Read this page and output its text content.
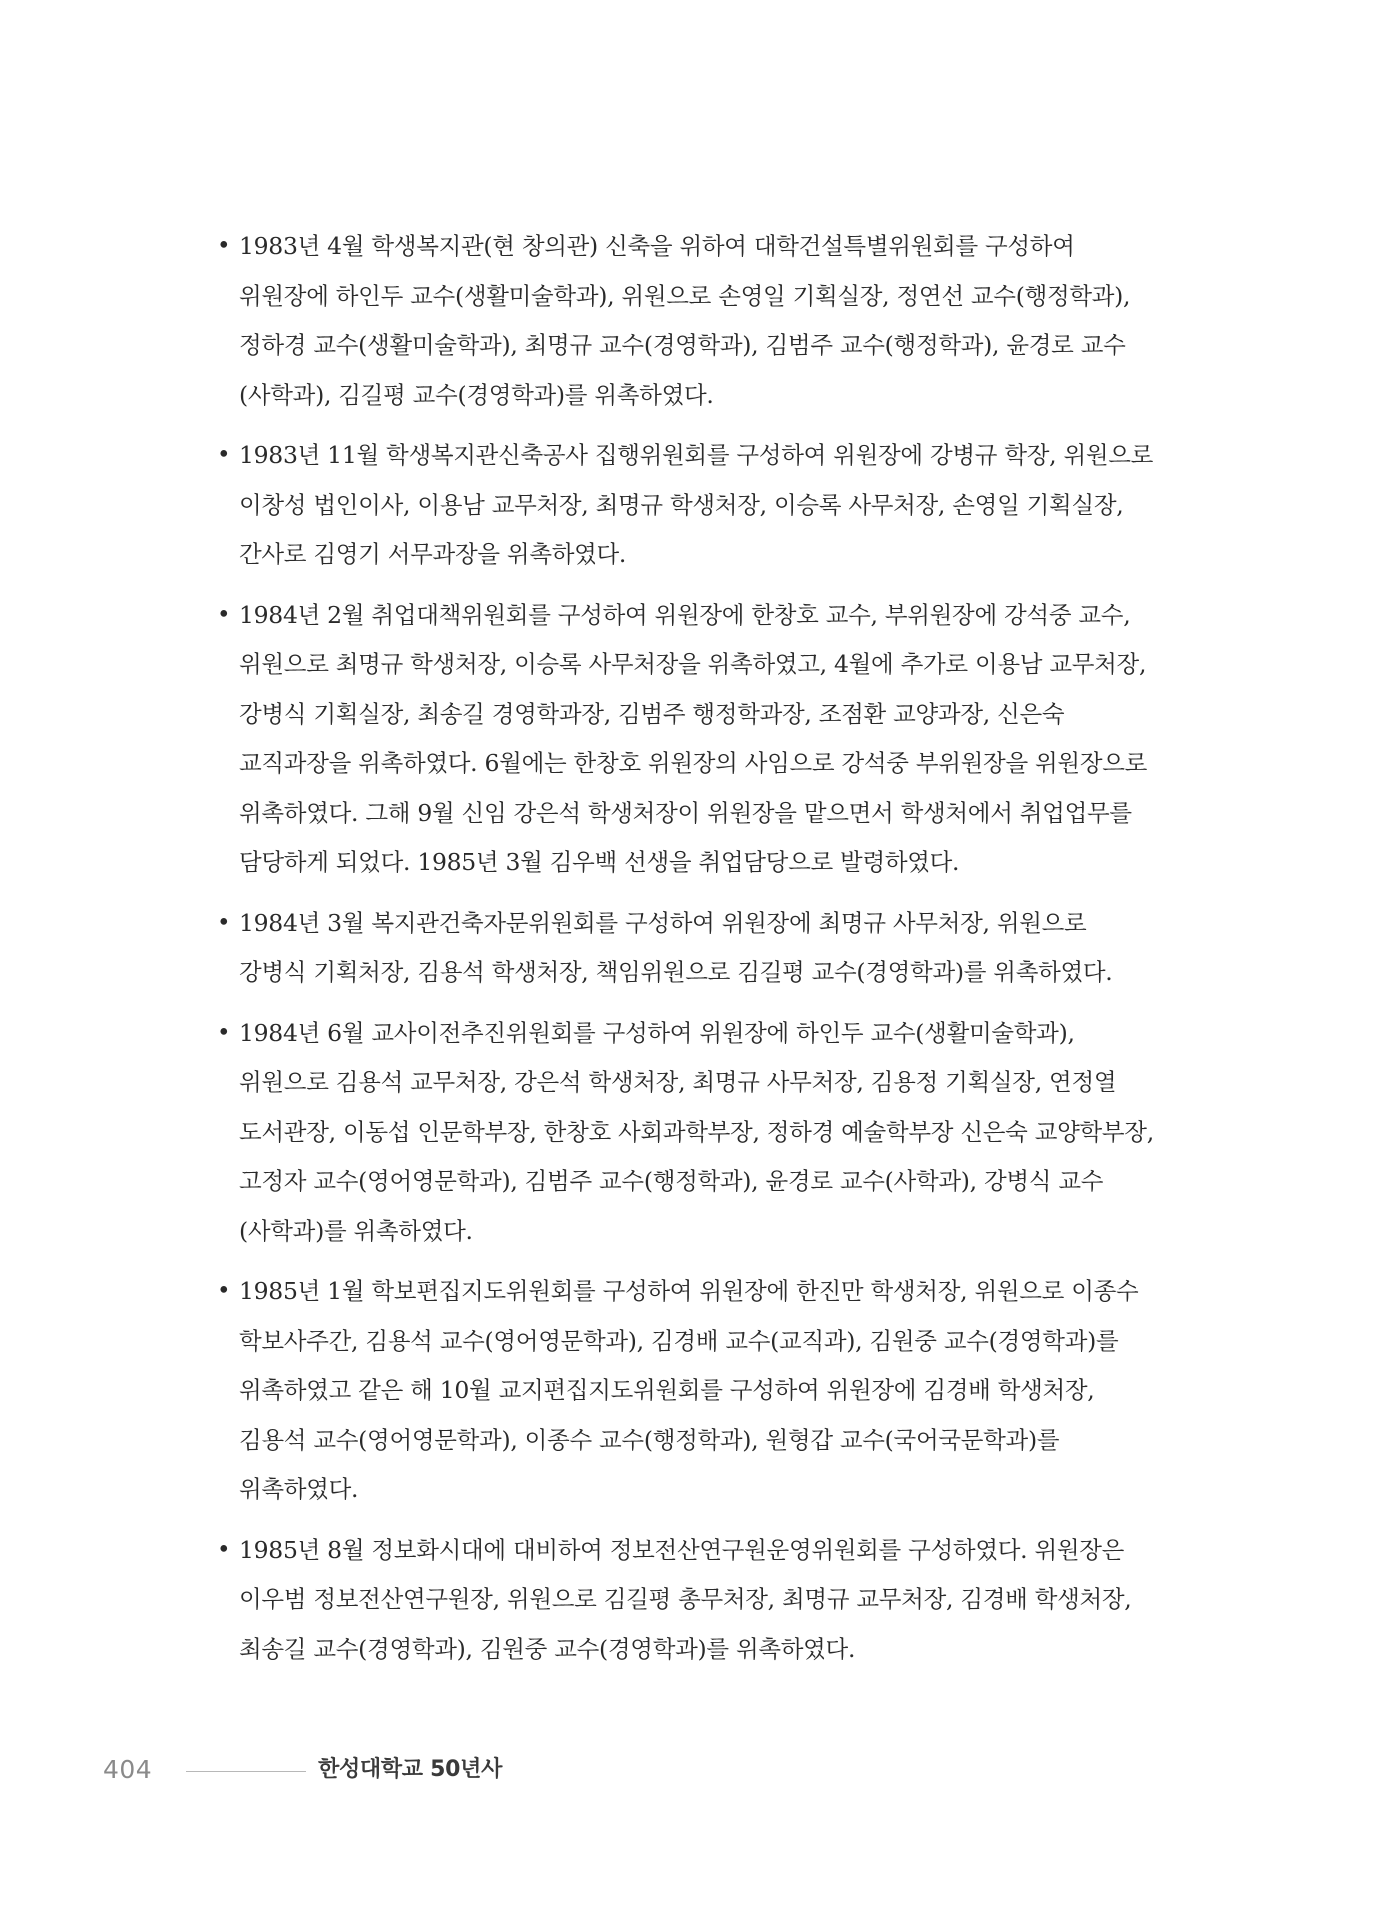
• 1983년 4월 학생복지관(현 창의관) 신축을 위하여 대학건설특별위원회를 구성하여 위원장에 하인두 교수(생활미술학과), 위원으로 손영일 기획실장, 정연선 교수(행정학과), 정하경 교수(생활미술학과), 최명규 교수(경영학과), 김범주 교수(행정학과), 윤경로 교수(사학과), 김길평 교수(경영학과)를 위촉하였다.
• 1983년 11월 학생복지관신축공사 집행위원회를 구성하여 위원장에 강병규 학장, 위원으로 이창성 법인이사, 이용남 교무처장, 최명규 학생처장, 이승록 사무처장, 손영일 기획실장, 간사로 김영기 서무과장을 위촉하였다.
• 1984년 2월 취업대책위원회를 구성하여 위원장에 한창호 교수, 부위원장에 강석중 교수, 위원으로 최명규 학생처장, 이승록 사무처장을 위촉하였고, 4월에 추가로 이용남 교무처장, 강병식 기획실장, 최송길 경영학과장, 김범주 행정학과장, 조점환 교양과장, 신은숙 교직과장을 위촉하였다. 6월에는 한창호 위원장의 사임으로 강석중 부위원장을 위원장으로 위촉하였다. 그해 9월 신임 강은석 학생처장이 위원장을 맡으면서 학생처에서 취업업무를 담당하게 되었다. 1985년 3월 김우백 선생을 취업담당으로 발령하였다.
• 1984년 3월 복지관건축자문위원회를 구성하여 위원장에 최명규 사무처장, 위원으로 강병식 기획처장, 김용석 학생처장, 책임위원으로 김길평 교수(경영학과)를 위촉하였다.
• 1984년 6월 교사이전추진위원회를 구성하여 위원장에 하인두 교수(생활미술학과), 위원으로 김용석 교무처장, 강은석 학생처장, 최명규 사무처장, 김용정 기획실장, 연정열 도서관장, 이동섭 인문학부장, 한창호 사회과학부장, 정하경 예술학부장 신은숙 교양학부장, 고정자 교수(영어영문학과), 김범주 교수(행정학과), 윤경로 교수(사학과), 강병식 교수(사학과)를 위촉하였다.
• 1985년 1월 학보편집지도위원회를 구성하여 위원장에 한진만 학생처장, 위원으로 이종수 학보사주간, 김용석 교수(영어영문학과), 김경배 교수(교직과), 김원중 교수(경영학과)를 위촉하였고 같은 해 10월 교지편집지도위원회를 구성하여 위원장에 김경배 학생처장, 김용석 교수(영어영문학과), 이종수 교수(행정학과), 원형갑 교수(국어국문학과)를 위촉하였다.
• 1985년 8월 정보화시대에 대비하여 정보전산연구원운영위원회를 구성하였다. 위원장은 이우범 정보전산연구원장, 위원으로 김길평 총무처장, 최명규 교무처장, 김경배 학생처장, 최송길 교수(경영학과), 김원중 교수(경영학과)를 위촉하였다.
404	한성대학교 50년사
